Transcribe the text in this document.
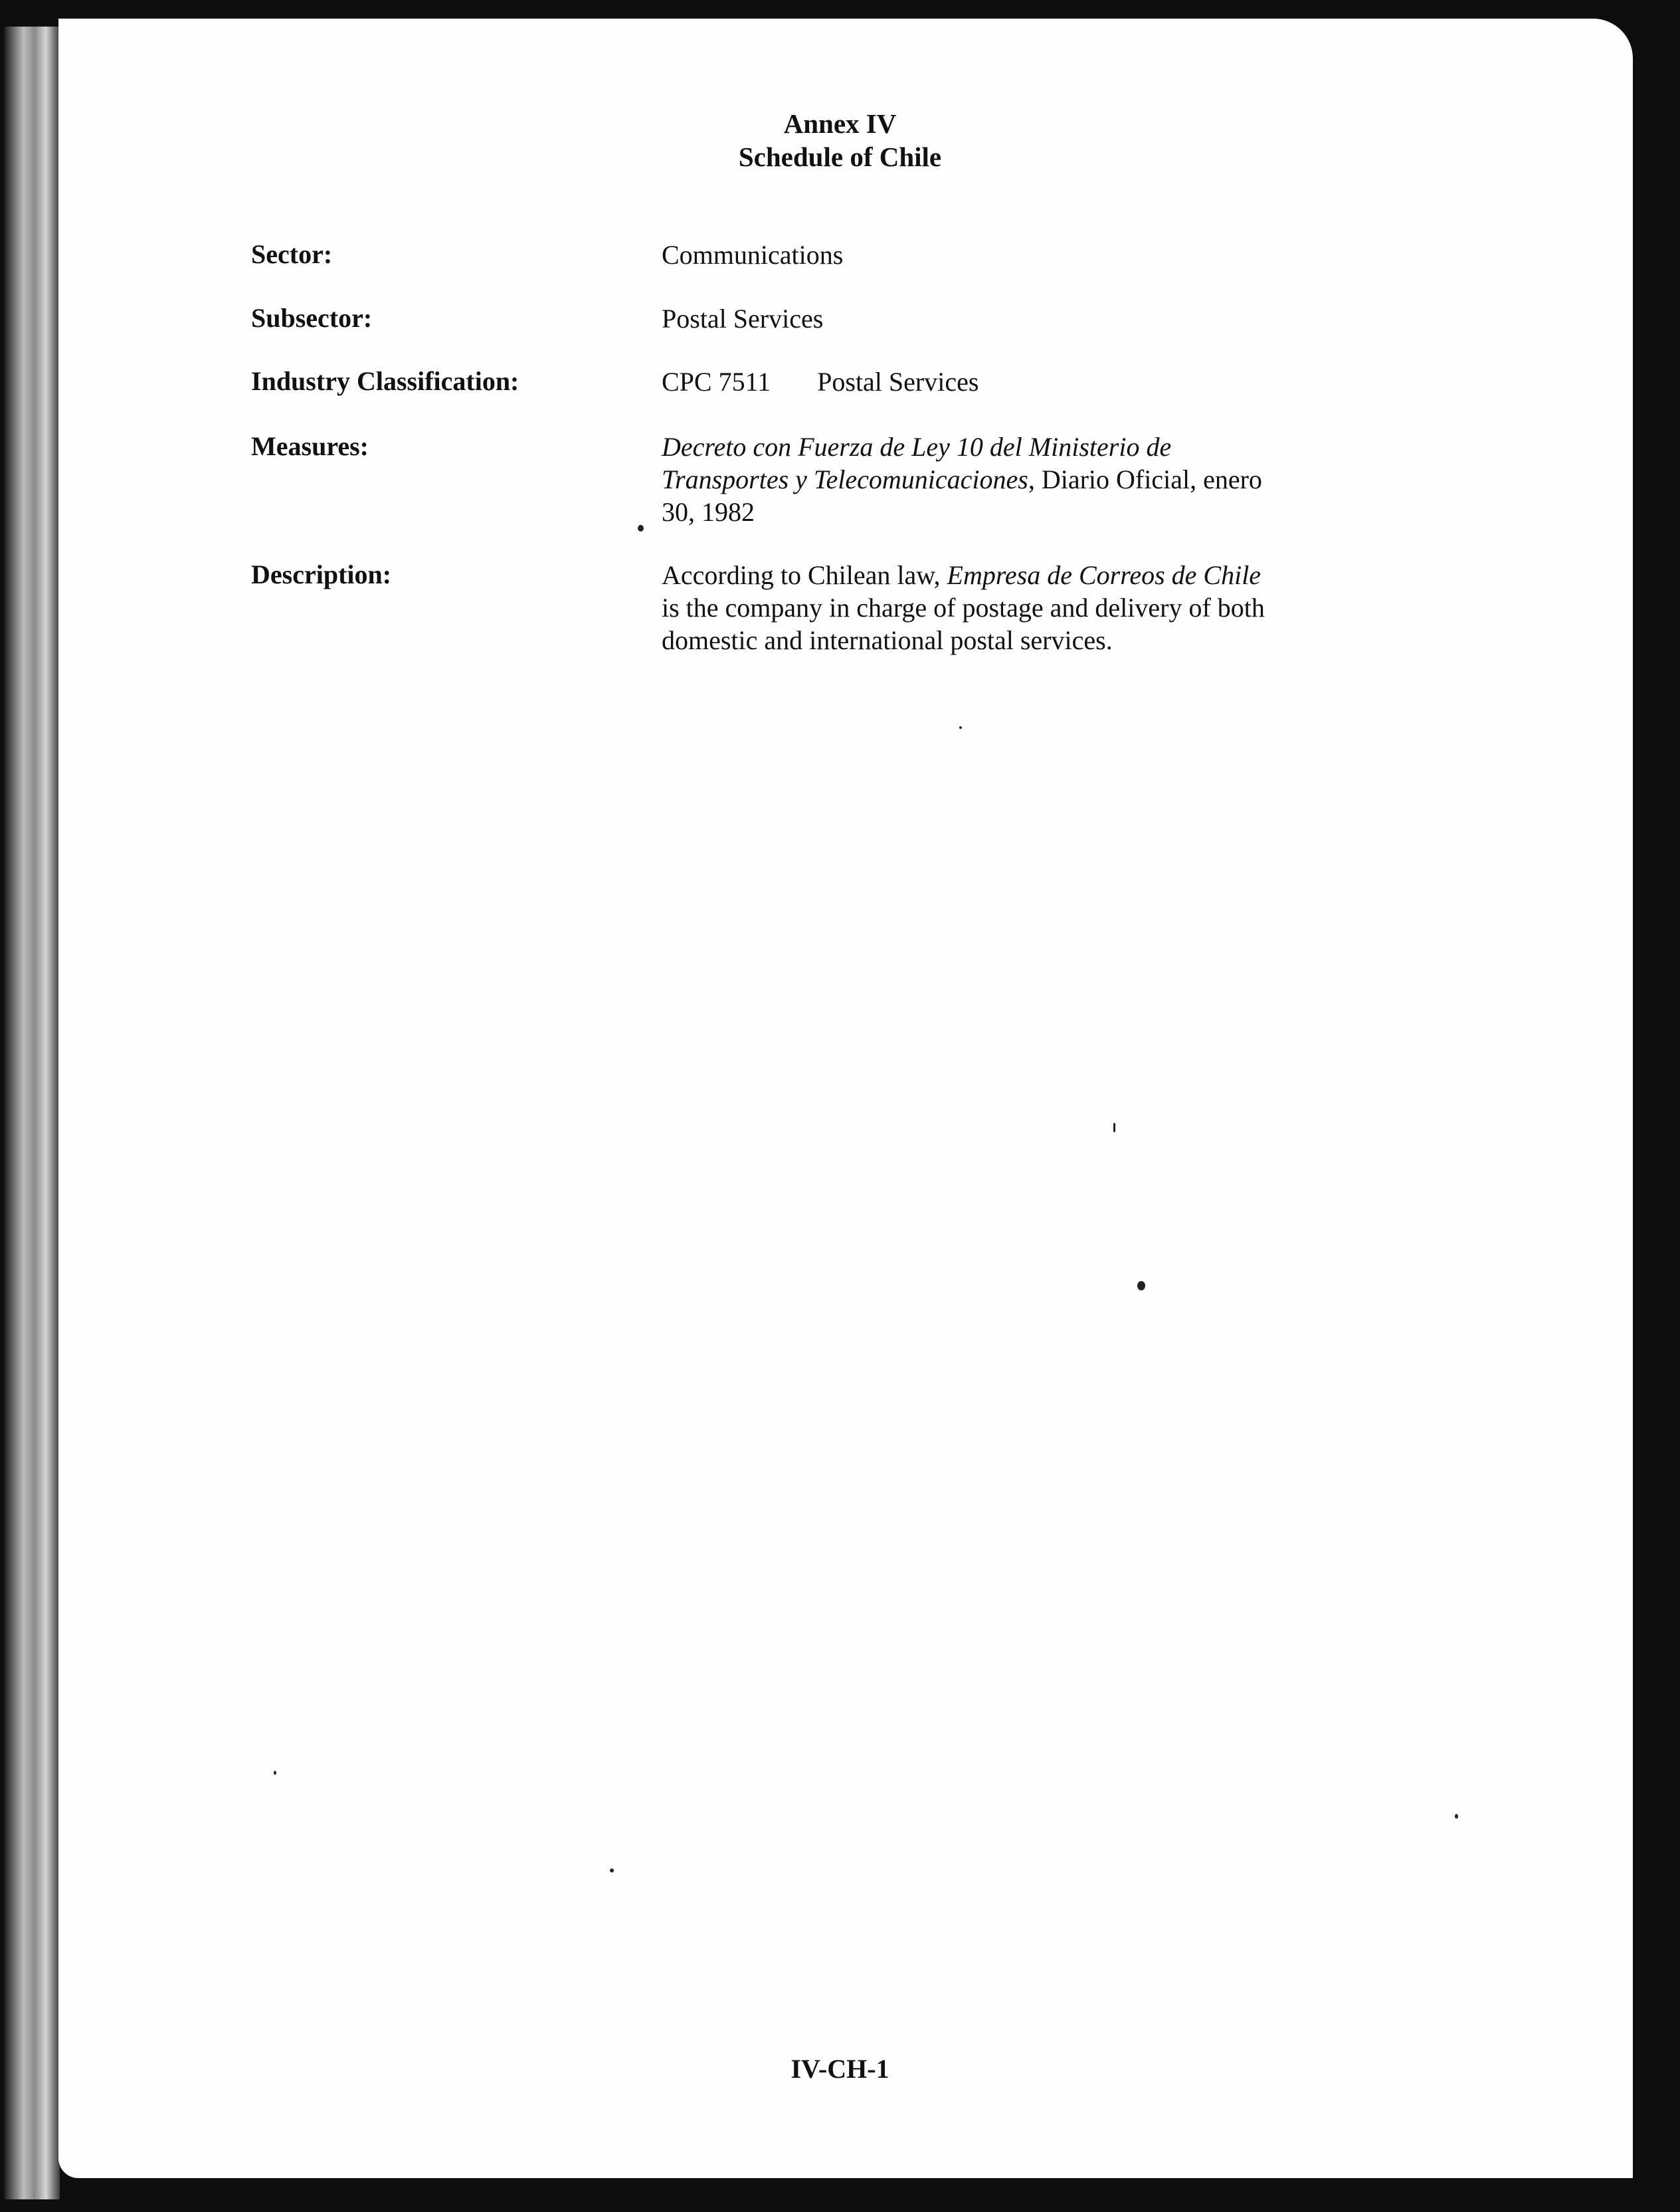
Annex IV
Schedule of Chile
Sector:	Communications
Subsector:	Postal Services
Industry Classification:	CPC 7511 Postal Services
Measures:	Decreto con Fuerza de Ley 10 del Ministerio de
Transportes y Telecomunicaciones, Diario Oficial, enero
30, 1982
Description:	According to Chilean law, Empresa de Correos de Chile
is the company in charge of postage and delivery of both
domestic and international postal services.
IV-CH-1
